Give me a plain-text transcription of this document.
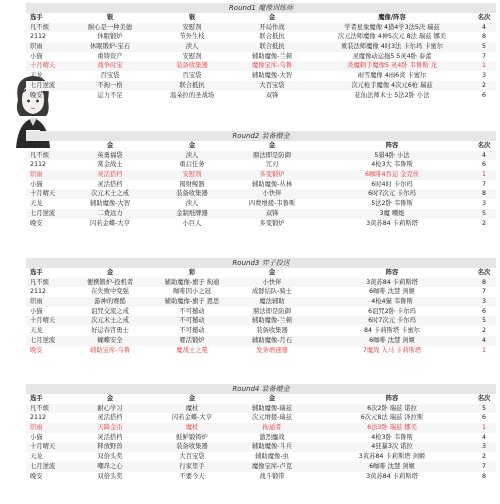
Round1 魔像训练师
选手	银	银	金	魔像/阵容	名次
凡不烦	耐心是一种美德	安慰剂	开局作战	学者星象魔像 4猎4学3法5决 瑞兹	4
2112	休眠锻炉	节外生枝	联合抵抗	次元法师魔像 4神5次元 8法 瑞兹 娜美	8
织雨	休眠锻炉-宝石	渎人	联合抵抗	重装法师魔像 4时3法 卡尔玛 卡蜜尔	5
小猫	重铸资产	安慰剂	辅助魔像-兰顿	灵魔像动运拖5 5灵4卧 泰蕾	7
十月晴天	战争时宝	装备收集器	魔像宝库-乌鲁	炎魔刺手魔像5 灵4卧 韦鲁斯 龙	1
天龙	百宝袋	百宝袋	辅助魔像-大智	雨雪魔像 4雨6炎 卡蜜尔	3
七月逆流	不拘一格	联合抵抗	大百宝袋	次元枪手魔像 4次元6枪 瑞兹	2
晚安	运力不足	温朵拉的圣战场	双锋	花仙法师术士 5法2卧 小法	6
Round2 装备赠金
选手	金	金	金	阵容	名次
凡不烦	英勇福袋	渎人	膀法即是防御	5猎4卧 小法	4
2112	赏金战士	重启任务	冗刃	4枪3大 韦鲁斯	6
织雨	灵活搭档	安慰剂	多变锻炉	6咖啡4吞运 金克丝	1
小猫	灵活搭档	囤财鲸器	辅助魔像-丛林	6时4时 卡尔玛	7
十月晴天	次元术士之戒	装备收集器	小快伴	6时7次元 卡尔玛	8
天龙	辅助魔像-大智	渎人	四费增援-韦鲁斯	5法2卧 韦鲁斯	3
七月逆流	二费远力	金制纸牌器	双锋	3魔 嘲炮	5
晚安	闪若金蝶-大亨	小巨人	多变锻炉	3黄苏84 卡莉斯塔	2
Round3 弈子投送
选手	金	彩	金	阵容	名次
凡不烦	便携锻炉-投机者	辅助魔像-旗子 拘通	小快伴	3黄苏84 卡莉斯塔	8
2112	在失败中变强	咖啡因小之冠	成群结队-骑士	6咖啡 沈慧 剑姬	7
织雨	游神的赛酷	辅助魔像-旗子 恩思	魔法辅助	4枪4猫 韦鲁斯	3
小猫	诅咒交流之戒	不可撼动	膀法即是防御	6诅咒2卧 卡尔玛	6
十月晴天	次元术士之戒	不可撼动	辅助魔像-兰顿	6时7次元 卡尔玛	5
天龙	好运春宵勇士	不可撼动	装备收集器	84 卡莉斯塔 卡蜜尔	2
七月逆流	蝴蝶安全	婴活锻炉	辅助魔像-月石	6咖啡 沈慧 剑姬	4
晚安	辅助宝库-乌鲁	魔战士之冕	发条增速器	7魔战 入马 卡莉斯塔	1
Round4 装备赠金
选手	金	金	金	阵容	名次
凡不烦	耐心学习	魔杖	辅助魔像-瑞兹	6次2卧 瑞兹 诺拉	5
2112	灵活搭档	闪若金蝶-大亨	次元增援-瑞兹	6次元8法 瑞兹 泽拉斯	6
织雨	天降金币	魔杖	拘通者	6法3卧 瑞兹 娜美	1
小猫	灵活搭档	鲑鲈锻铸炉	激烈鏖战	4枪3卧 韦鲁斯	4
十月晴天	释放野兽	装备收集器	辅助魔像-斗兵	4狂暴3次 诺拉	3
天龙	双倍头奖	大百宝袋	辅助魔像-虫	3黄苏84 卡莉斯塔 剑姬	2
七月逆流	嘲昂之心	行家里手	魔像宝库-卢克	6咖啡 沈慧 剑姬	7
晚安	双倍头奖	不要今天	战斗锻带	3黄苏84 卡莉斯塔	8
